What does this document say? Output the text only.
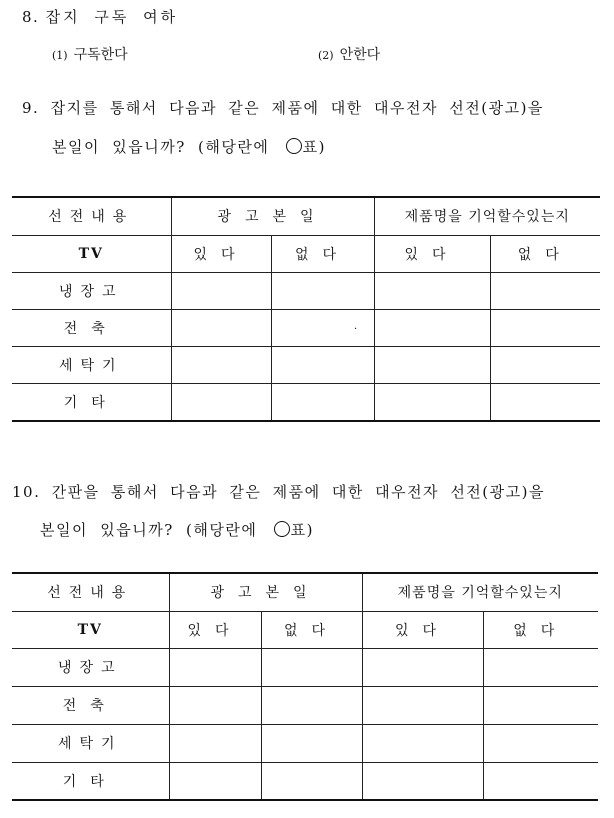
8. 잡지 구독 여하
(1) 구독한다	(2) 안한다
9. 잡지를 통해서 다음과 같은 제품에 대한 대우전자 선전(광고)을
본일이 있읍니까? (해당란에 ○표)
선전내용	광고본일		제품명을 기억할수있는지	
TV	있다	없다	있다	없다
냉장고				
전축				
세탁기				
기타				
·
10. 간판을 통해서 다음과 같은 제품에 대한 대우전자 선전(광고)을
본일이 있읍니까? (해당란에 ○표)
선전내용	광고본일		제품명을 기억할수있는지	
TV	있다	없다	있다	없다
냉장고				
전축				
세탁기				
기타				
